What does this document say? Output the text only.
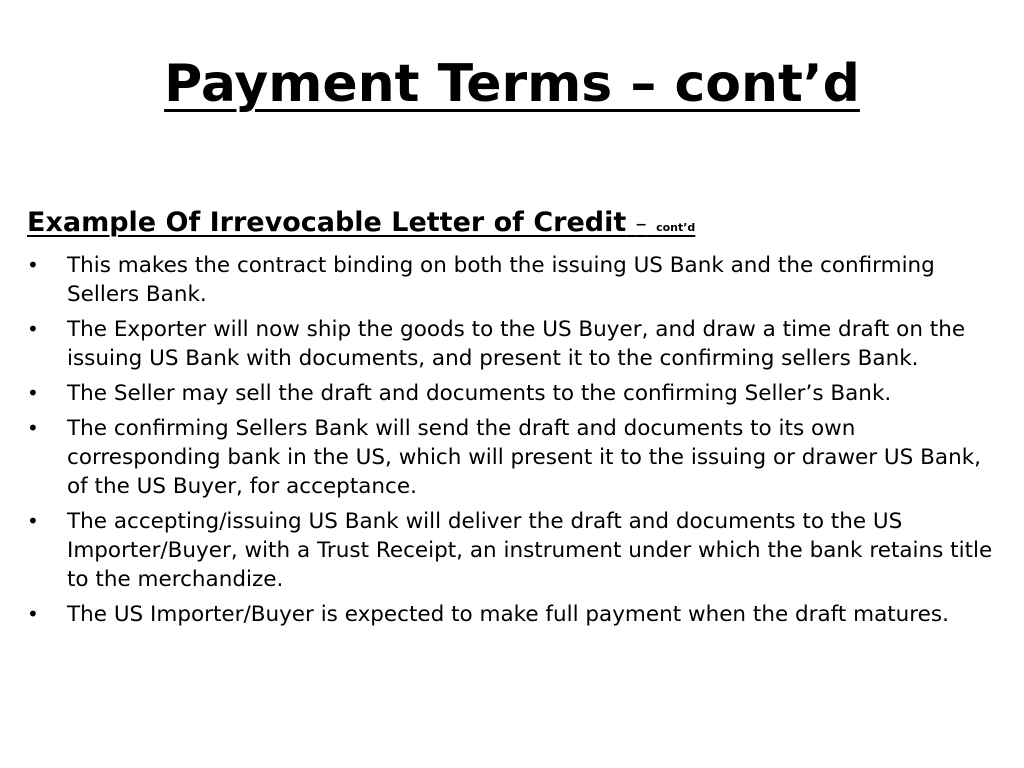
Payment Terms – cont’d

Example Of Irrevocable Letter of Credit – cont’d

•	This makes the contract binding on both the issuing US Bank and the confirming Sellers Bank.
•	The Exporter will now ship the goods to the US Buyer, and draw a time draft on the issuing US Bank with documents, and present it to the confirming sellers Bank.
•	The Seller may sell the draft and documents to the confirming Seller’s Bank.
•	The confirming Sellers Bank will send the draft and documents to its own corresponding bank in the US, which will present it to the issuing or drawer US Bank, of the US Buyer, for acceptance.
•	The accepting/issuing US Bank will deliver the draft and documents to the US Importer/Buyer, with a Trust Receipt, an instrument under which the bank retains title to the merchandize.
•	The US Importer/Buyer is expected to make full payment when the draft matures.
